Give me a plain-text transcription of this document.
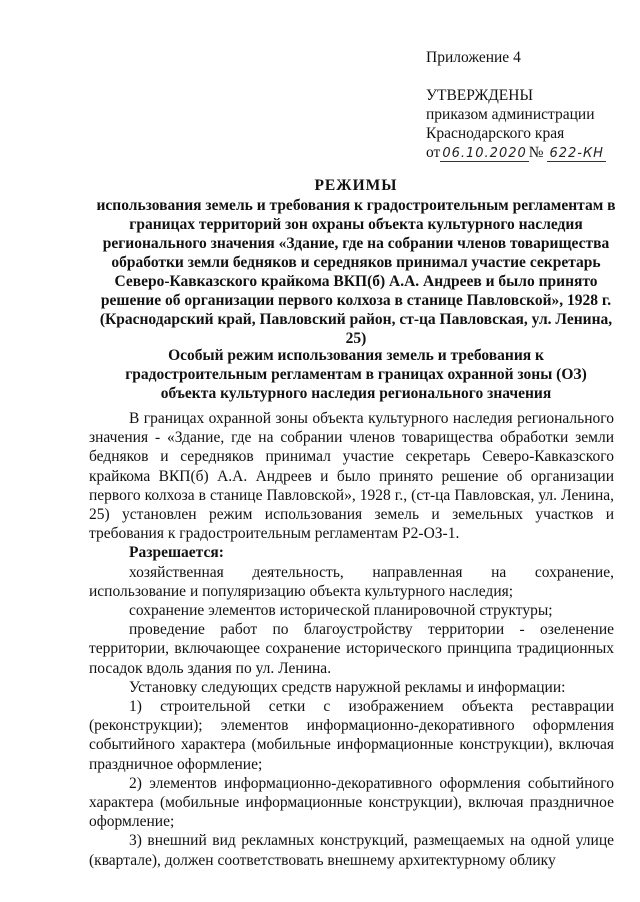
Приложение 4
УТВЕРЖДЕНЫ
приказом администрации
Краснодарского края
от 06.10.2020 № 622-КН
РЕЖИМЫ
использования земель и требования к градостроительным регламентам в границах территорий зон охраны объекта культурного наследия регионального значения «Здание, где на собрании членов товарищества обработки земли бедняков и середняков принимал участие секретарь Северо-Кавказского крайкома ВКП(б) А.А. Андреев и было принято решение об организации первого колхоза в станице Павловской», 1928 г. (Краснодарский край, Павловский район, ст-ца Павловская, ул. Ленина, 25)
Особый режим использования земель и требования к градостроительным регламентам в границах охранной зоны (ОЗ) объекта культурного наследия регионального значения

В границах охранной зоны объекта культурного наследия регионального значения - «Здание, где на собрании членов товарищества обработки земли бедняков и середняков принимал участие секретарь Северо-Кавказского крайкома ВКП(б) А.А. Андреев и было принято решение об организации первого колхоза в станице Павловской», 1928 г., (ст-ца Павловская, ул. Ленина, 25) установлен режим использования земель и земельных участков и требования к градостроительным регламентам Р2-ОЗ-1.

Разрешается:

хозяйственная деятельность, направленная на сохранение, использование и популяризацию объекта культурного наследия;

сохранение элементов исторической планировочной структуры;

проведение работ по благоустройству территории - озеленение территории, включающее сохранение исторического принципа традиционных посадок вдоль здания по ул. Ленина.

Установку следующих средств наружной рекламы и информации:

1) строительной сетки с изображением объекта реставрации (реконструкции); элементов информационно-декоративного оформления событийного характера (мобильные информационные конструкции), включая праздничное оформление;

2) элементов информационно-декоративного оформления событийного характера (мобильные информационные конструкции), включая праздничное оформление;

3) внешний вид рекламных конструкций, размещаемых на одной улице (квартале), должен соответствовать внешнему архитектурному облику
